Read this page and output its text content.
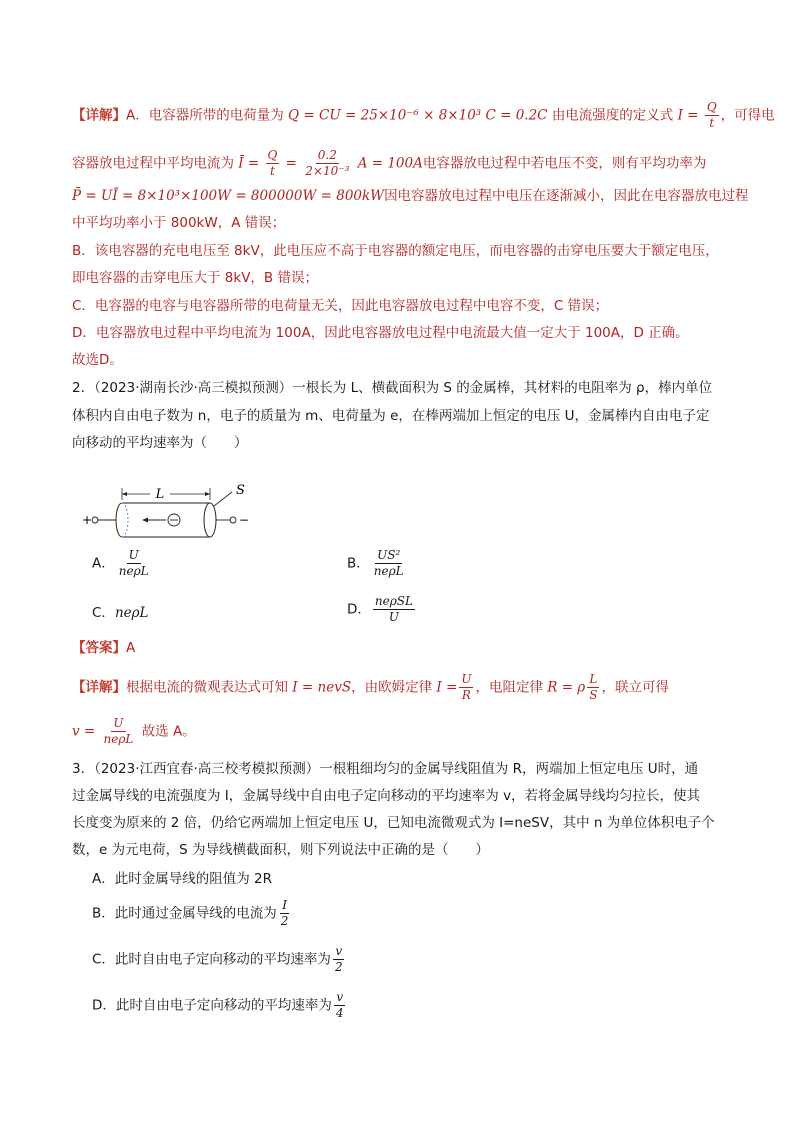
【详解】A．电容器所带的电荷量为 Q = CU = 25×10⁻⁶ × 8×10³ C = 0.2C 由电流强度的定义式 $I = \frac{Q}{t}$ ，可得电
容器放电过程中平均电流为 Ī = $\frac{Q}{t} = \frac{0.2}{\text{2×10⁻³}}$ A = 100A电容器放电过程中若电压不变，则有平均功率为
P̄ = UĪ = 8×10³×100W = 800000W = 800kW因电容器放电过程中电压在逐渐减小，因此在电容器放电过程
中平均功率小于 800kW，A 错误；
B．该电容器的充电电压至 8kV，此电压应不高于电容器的额定电压，而电容器的击穿电压要大于额定电压，
即电容器的击穿电压大于 8kV，B 错误；
C．电容器的电容与电容器所带的电荷量无关，因此电容器放电过程中电容不变，C 错误；
D．电容器放电过程中平均电流为 100A，因此电容器放电过程中电流最大值一定大于 100A，D 正确。
故选D。
2．（2023·湖南长沙·高三模拟预测）一根长为 L、横截面积为 S 的金属棒，其材料的电阻率为 ρ，棒内单位
体积内自由电子数为 n，电子的质量为 m、电荷量为 e，在棒两端加上恒定的电压 U，金属棒内自由电子定
向移动的平均速率为（　　）
L
+	−
S
A． $\frac{U}{\text{neρL}}$	B． $\frac{\text{US²}}{\text{neρL}}$
C．neρL	D． $\frac{\text{neρSL}}{U}$
【答案】A
【详解】根据电流的微观表达式可知 I = nevS，由欧姆定律 $I = \frac{U}{R}$ ，电阻定律 R = ρ $\frac{L}{S}$ ，联立可得
$v = \frac{U}{\text{neρL}}$ 故选 A。
3．（2023·江西宜春·高三校考模拟预测）一根粗细均匀的金属导线阻值为 R，两端加上恒定电压 U时，通
过金属导线的电流强度为 I，金属导线中自由电子定向移动的平均速率为 v，若将金属导线均匀拉长，使其
长度变为原来的 2 倍，仍给它两端加上恒定电压 U，已知电流微观式为 I=neSV，其中 n 为单位体积电子个
数，e 为元电荷，S 为导线横截面积，则下列说法中正确的是（　　）
A．此时金属导线的阻值为 2R
B．此时通过金属导线的电流为 $\frac{I}{2}$
C．此时自由电子定向移动的平均速率为 $\frac{v}{2}$
D．此时自由电子定向移动的平均速率为 $\frac{v}{4}$
